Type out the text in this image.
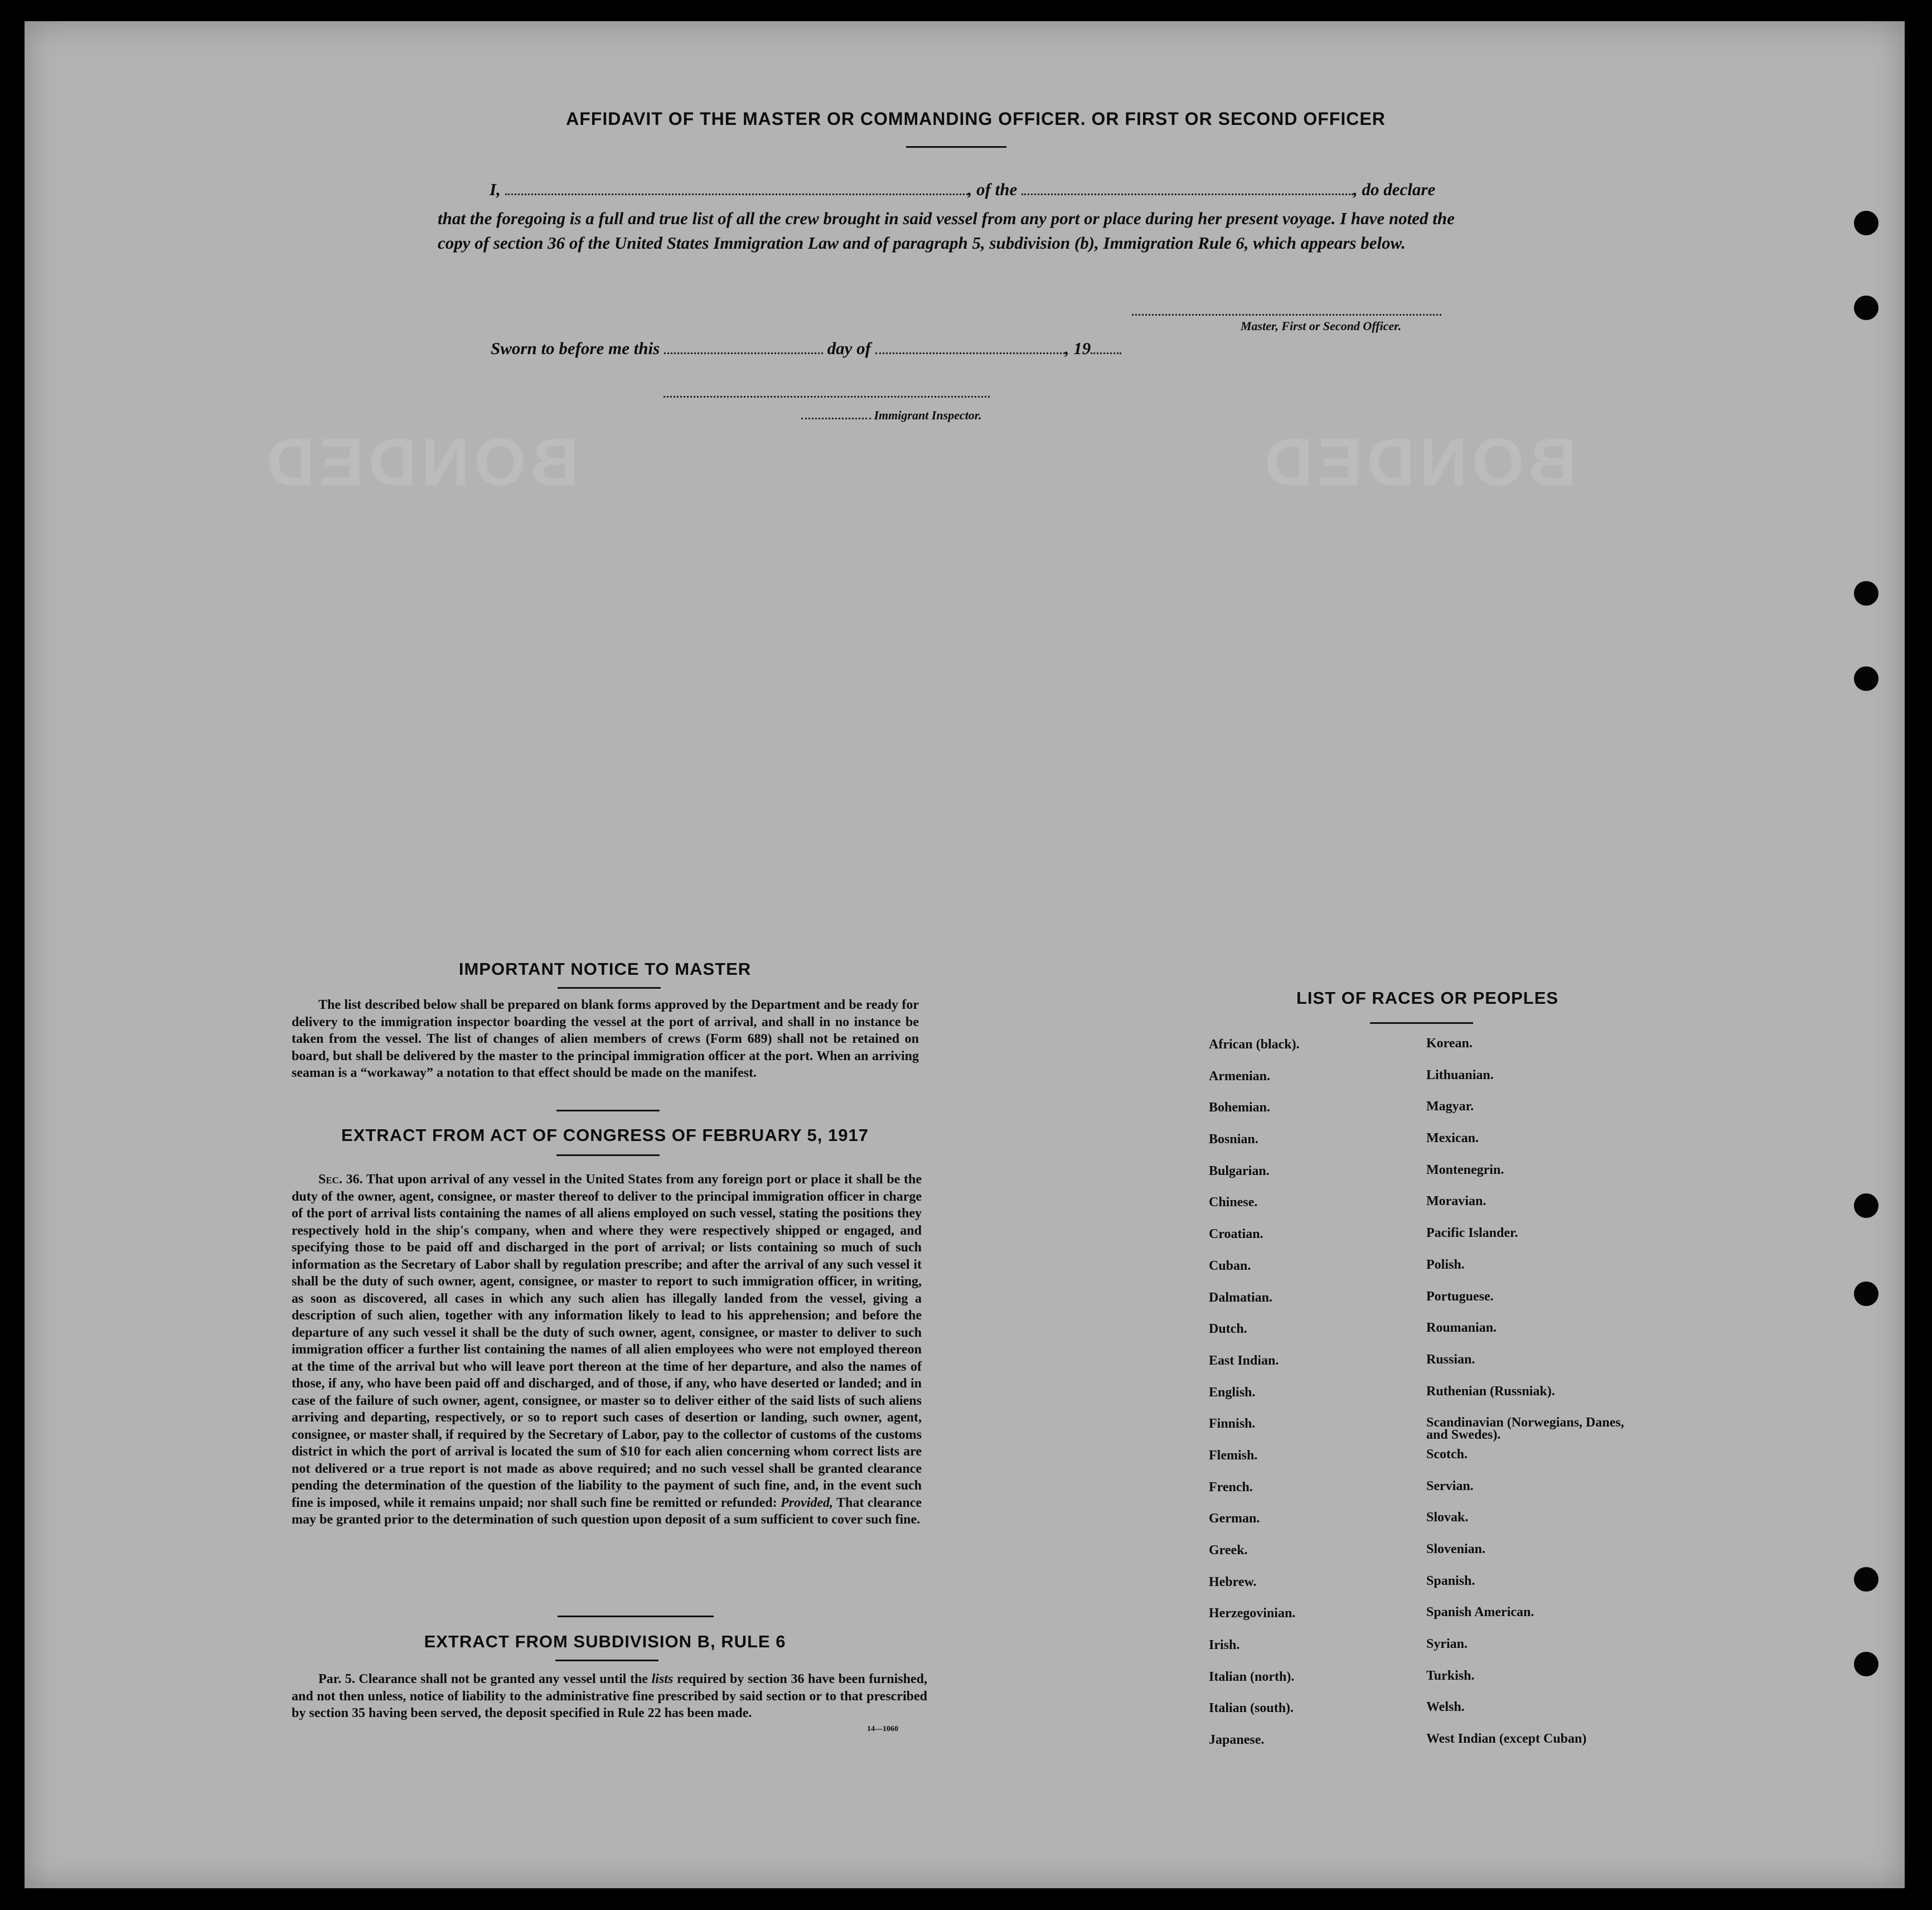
BONDED	BONDED
AFFIDAVIT OF THE MASTER OR COMMANDING OFFICER. OR FIRST OR SECOND OFFICER
I,	, of the	, do declare
that the foregoing is a full and true list of all the crew brought in said vessel from any port or place during her present voyage. I have noted the copy of section 36 of the United States Immigration Law and of paragraph 5, subdivision (b), Immigration Rule 6, which appears below.
Master, First or Second Officer.
Sworn to before me this	day of	, 19
Immigrant Inspector.
IMPORTANT NOTICE TO MASTER

The list described below shall be prepared on blank forms approved by the Department and be ready for delivery to the immigration inspector boarding the vessel at the port of arrival, and shall in no instance be taken from the vessel. The list of changes of alien members of crews (Form 689) shall not be retained on board, but shall be delivered by the master to the principal immigration officer at the port. When an arriving seaman is a “workaway” a notation to that effect should be made on the manifest.

EXTRACT FROM ACT OF CONGRESS OF FEBRUARY 5, 1917

Sec. 36. That upon arrival of any vessel in the United States from any foreign port or place it shall be the duty of the owner, agent, consignee, or master thereof to deliver to the principal immigration officer in charge of the port of arrival lists containing the names of all aliens employed on such vessel, stating the positions they respectively hold in the ship's company, when and where they were respectively shipped or engaged, and specifying those to be paid off and discharged in the port of arrival; or lists containing so much of such information as the Secretary of Labor shall by regulation prescribe; and after the arrival of any such vessel it shall be the duty of such owner, agent, consignee, or master to report to such immigration officer, in writing, as soon as discovered, all cases in which any such alien has illegally landed from the vessel, giving a description of such alien, together with any information likely to lead to his apprehension; and before the departure of any such vessel it shall be the duty of such owner, agent, consignee, or master to deliver to such immigration officer a further list containing the names of all alien employees who were not employed thereon at the time of the arrival but who will leave port thereon at the time of her departure, and also the names of those, if any, who have been paid off and discharged, and of those, if any, who have deserted or landed; and in case of the failure of such owner, agent, consignee, or master so to deliver either of the said lists of such aliens arriving and departing, respectively, or so to report such cases of desertion or landing, such owner, agent, consignee, or master shall, if required by the Secretary of Labor, pay to the collector of customs of the customs district in which the port of arrival is located the sum of $10 for each alien concerning whom correct lists are not delivered or a true report is not made as above required; and no such vessel shall be granted clearance pending the determination of the question of the liability to the payment of such fine, and, in the event such fine is imposed, while it remains unpaid; nor shall such fine be remitted or refunded: Provided, That clearance may be granted prior to the determination of such question upon deposit of a sum sufficient to cover such fine.

EXTRACT FROM SUBDIVISION B, RULE 6

Par. 5. Clearance shall not be granted any vessel until the lists required by section 36 have been furnished, and not then unless, notice of liability to the administrative fine prescribed by said section or to that prescribed by section 35 having been served, the deposit specified in Rule 22 has been made.

14—1060
LIST OF RACES OR PEOPLES
African (black).	Korean.
Armenian.	Lithuanian.
Bohemian.	Magyar.
Bosnian.	Mexican.
Bulgarian.	Montenegrin.
Chinese.	Moravian.
Croatian.	Pacific Islander.
Cuban.	Polish.
Dalmatian.	Portuguese.
Dutch.	Roumanian.
East Indian.	Russian.
English.	Ruthenian (Russniak).
Finnish.	Scandinavian (Norwegians, Danes, and Swedes).
Flemish.	Scotch.
French.	Servian.
German.	Slovak.
Greek.	Slovenian.
Hebrew.	Spanish.
Herzegovinian.	Spanish American.
Irish.	Syrian.
Italian (north).	Turkish.
Italian (south).	Welsh.
Japanese.	West Indian (except Cuban)
